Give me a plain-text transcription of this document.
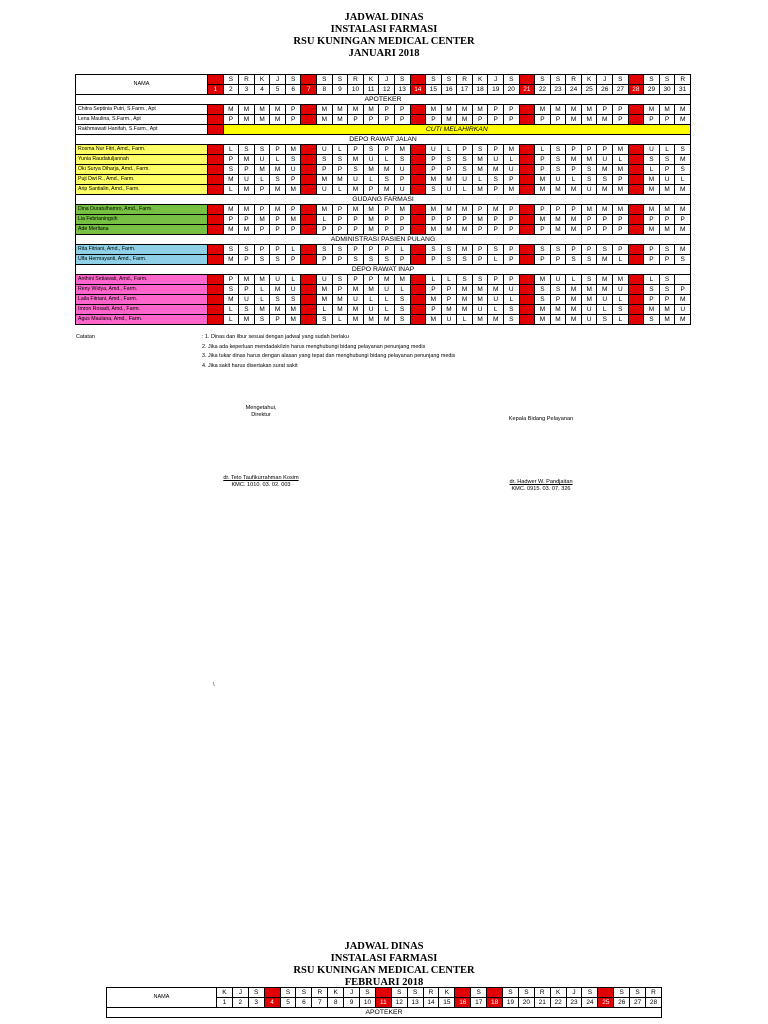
JADWAL DINAS
INSTALASI FARMASI
RSU KUNINGAN MEDICAL CENTER
JANUARI 2018
NAMA	S	S	R	K	J	S	M	S	S	R	K	J	S	M	S	S	R	K	J	S	M	S	S	R	K	J	S	M	S	S	R
	1	2	3	4	5	6	7	8	9	10	11	12	13	14	15	16	17	18	19	20	21	22	23	24	25	26	27	28	29	30	31
APOTEKER																															
Chitra Septinia Putri, S.Farm., Apt	L	M	M	M	M	P	L	M	M	M	M	P	P	L	M	M	M	M	P	P	L	M	M	M	M	P	P	L	M	M	M
Lena Maulina, S.Farm., Apt	L	P	M	M	M	P	L	M	M	P	P	P	P	L	P	M	M	P	P	P	L	P	P	M	M	M	P	L	P	P	M
Rakhmawati Hanifah, S.Farm., Apt	L	CUTI MELAHIRKAN																													
DEPO RAWAT JALAN																															
Rosma Nur Fitri, Amd., Farm.	U	L	S	S	P	M	M	U	L	P	S	P	M	M	U	L	P	S	P	M	U	L	S	P	P	P	M	M	U	L	S
Yunia Raudatuljannah	P	P	M	U	L	S	S	S	S	M	U	L	S	P	P	S	S	M	U	L	S	P	S	M	M	U	L	S	S	S	M
Oki Surya Diharja, Amd., Farm.	S	S	P	M	M	U	L	P	P	S	M	M	U	L	P	P	S	M	M	U	L	P	S	P	S	M	M	U	L	P	S
Puji Dwi R., Amd., Farm.	M	M	U	L	S	P	M	M	M	U	L	S	P	S	M	M	U	L	S	P	M	M	U	L	S	S	P	P	M	U	L
Arip Santialin, Amd., Farm.	U	L	M	P	M	M	M	U	L	M	P	M	U	L	S	U	L	M	P	M	M	M	M	M	U	M	M	M	M	M	M
GUDANG FARMASI																															
Dina Duratulhamro, Amd., Farm.	P	M	M	P	M	P	L	M	P	M	M	P	M	L	M	M	M	P	M	P	L	P	P	P	M	M	M	L	M	M	M
Lia Febrianingsih	M	P	P	M	P	M	P	L	P	P	M	P	P	P	P	P	P	M	P	P	L	M	M	M	P	P	P	L	P	P	P
Ade Merliana	M	M	M	P	P	P	L	P	P	P	M	P	P	M	M	M	M	P	P	P	L	P	M	M	P	P	P	L	M	M	M
ADMINISTRASI PASIEN PULANG																															
Rita Fitriani, Amd., Farm.	P	S	S	P	P	L	P	S	S	P	P	P	L	P	S	S	M	P	S	P	L	S	S	P	P	S	P	S	P	S	M
Ulfa Hermayanti, Amd., Farm.	S	M	P	S	S	P	L	P	P	S	S	S	P	L	P	S	S	P	L	P	P	P	P	S	S	M	L	P	P	P	S
DEPO RAWAT INAP																															
Anthini Setiawati, Amd., Farm.	M	P	M	M	U	L	M	U	S	P	P	M	M	U	L	L	S	S	P	P	M	M	U	L	S	M	M	U	L	S	
Reny Widya, Amd., Farm.	S	S	P	L	M	U	S	M	P	M	M	U	L	S	P	P	M	M	M	U	L	S	S	M	M	M	U	L	S	S	P
Laila Fitriani, Amd., Farm.	M	M	U	L	S	S	M	M	M	U	L	L	S	S	M	P	M	M	U	L	S	S	P	M	M	U	L	S	P	P	M
Imron Rosadi, Amd., Farm.	U	L	S	M	M	M	U	L	M	M	U	L	S	S	P	M	M	U	L	S	S	M	M	M	U	L	S	P	M	M	U
Agus Maulana, Amd., Farm.	U	L	M	S	P	M	S	S	L	M	M	M	S	L	M	U	L	M	M	S	S	M	M	M	U	S	L	S	S	M	M
Catatan	: 1. Dinas dan libur sesuai dengan jadwal yang sudah berlaku
2. Jika ada keperluan mendadak/izin harus menghubungi bidang pelayanan penunjang medis
3. Jika tukar dinas harus dengan alasan yang tepat dan menghubungi bidang pelayanan penunjang medis
4. Jika sakit harus disertakan surat sakit
Mengetahui,
Direktur
dr. Teto Taufikurrahman Kosim
KMC. 1010. 03. 02. 003
Kepala Bidang Pelayanan
dr. Hadwer W. Pandjaitan
KMC. 0915. 03. 07. 326
\
JADWAL DINAS
INSTALASI FARMASI
RSU KUNINGAN MEDICAL CENTER
FEBRUARI 2018
NAMA	K	J	S	M	S	S	R	K	J	S	M	S	S	R	K	J	S	M	S	S	R	K	J	S	M	S	S	R
	1	2	3	4	5	6	7	8	9	10	11	12	13	14	15	16	17	18	19	20	21	22	23	24	25	26	27	28
APOTEKER																												
